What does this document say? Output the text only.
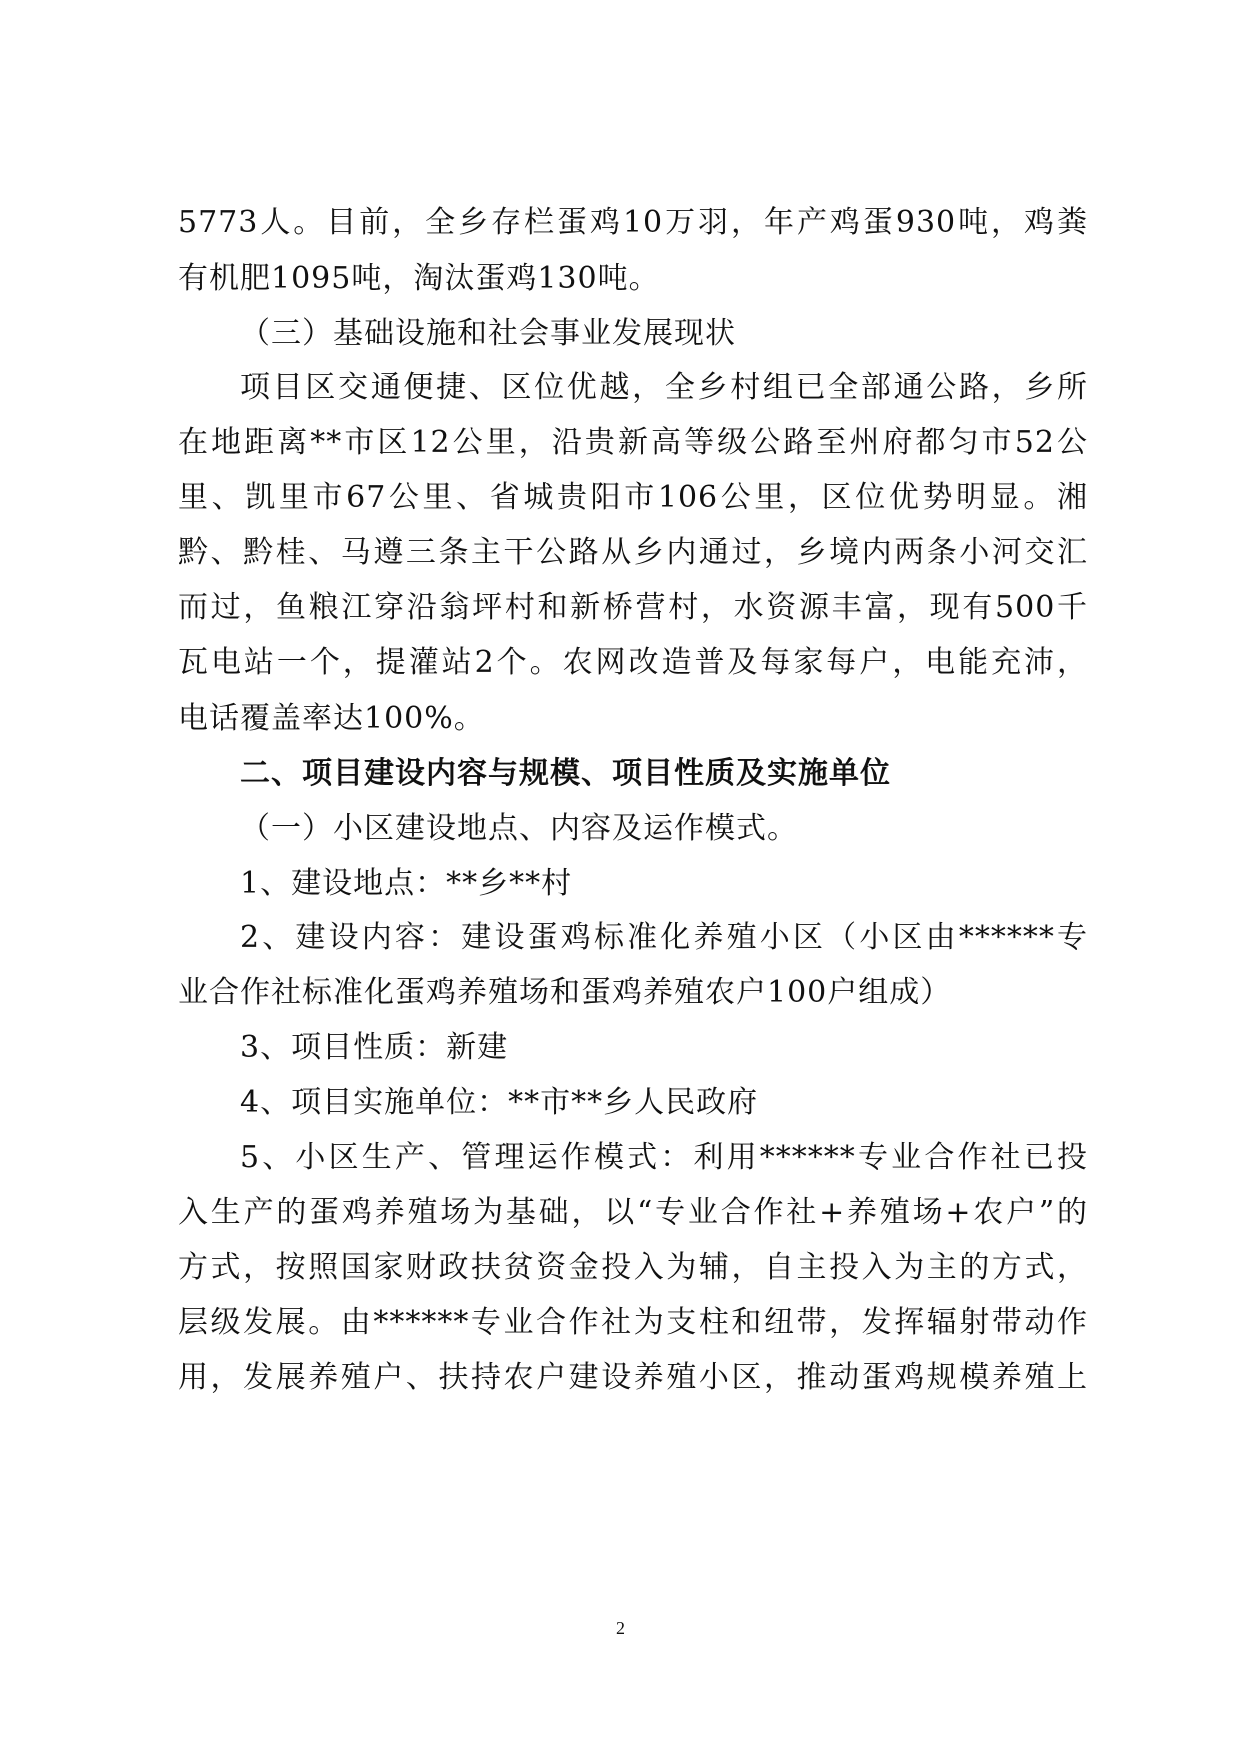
5773人。目前，全乡存栏蛋鸡10万羽，年产鸡蛋930吨，鸡粪
有机肥1095吨，淘汰蛋鸡130吨。
（三）基础设施和社会事业发展现状
项目区交通便捷、区位优越，全乡村组已全部通公路，乡所
在地距离**市区12公里，沿贵新高等级公路至州府都匀市52公
里、凯里市67公里、省城贵阳市106公里，区位优势明显。湘
黔、黔桂、马遵三条主干公路从乡内通过，乡境内两条小河交汇
而过，鱼粮江穿沿翁坪村和新桥营村，水资源丰富，现有500千
瓦电站一个，提灌站2个。农网改造普及每家每户，电能充沛，
电话覆盖率达100%。
二、项目建设内容与规模、项目性质及实施单位
（一）小区建设地点、内容及运作模式。
1、建设地点：**乡**村
2、建设内容：建设蛋鸡标准化养殖小区（小区由******专
业合作社标准化蛋鸡养殖场和蛋鸡养殖农户100户组成）
3、项目性质：新建
4、项目实施单位：**市**乡人民政府
5、小区生产、管理运作模式：利用******专业合作社已投
入生产的蛋鸡养殖场为基础，以“专业合作社+养殖场+农户”的
方式，按照国家财政扶贫资金投入为辅，自主投入为主的方式，
层级发展。由******专业合作社为支柱和纽带，发挥辐射带动作
用，发展养殖户、扶持农户建设养殖小区，推动蛋鸡规模养殖上
2
